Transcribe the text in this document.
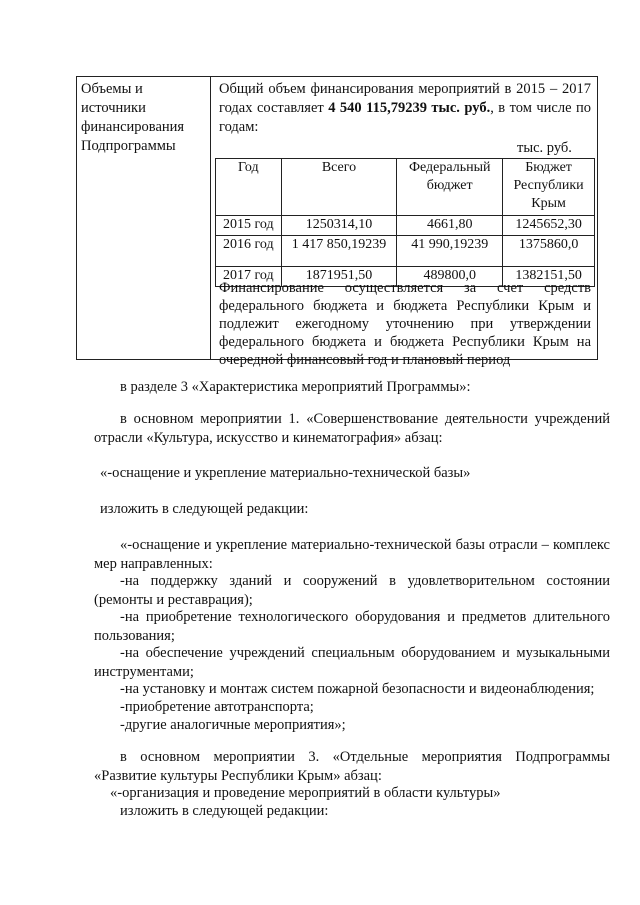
Объемы и
источники
финансирования
Подпрограммы
Общий объем финансирования мероприятий в 2015 – 2017 годах составляет 4 540 115,79239 тыс. руб., в том числе по годам:
тыс. руб.
Год	Всего	Федеральный бюджет	Бюджет Республики Крым
2015 год	1250314,10	4661,80	1245652,30
2016 год	1 417 850,19239	41 990,19239	1375860,0
2017 год	1871951,50	489800,0	1382151,50
Финансирование осуществляется за счет средств федерального бюджета и бюджета Республики Крым и подлежит ежегодному уточнению при утверждении федерального бюджета и бюджета Республики Крым на очередной финансовый год и плановый период
в разделе 3 «Характеристика мероприятий Программы»:
в основном мероприятии 1. «Совершенствование деятельности учреждений отрасли «Культура, искусство и кинематография» абзац:
«-оснащение и укрепление материально-технической базы»
изложить в следующей редакции:
«-оснащение и укрепление материально-технической базы отрасли – комплекс мер направленных:
-на поддержку зданий и сооружений в удовлетворительном состоянии (ремонты и реставрация);
-на приобретение технологического оборудования и предметов длительного пользования;
-на обеспечение учреждений специальным оборудованием и музыкальными инструментами;
-на установку и монтаж систем пожарной безопасности и видеонаблюдения;
-приобретение автотранспорта;
-другие аналогичные мероприятия»;
в основном мероприятии 3. «Отдельные мероприятия Подпрограммы «Развитие культуры Республики Крым» абзац:
«-организация и проведение мероприятий в области культуры»
изложить в следующей редакции:
